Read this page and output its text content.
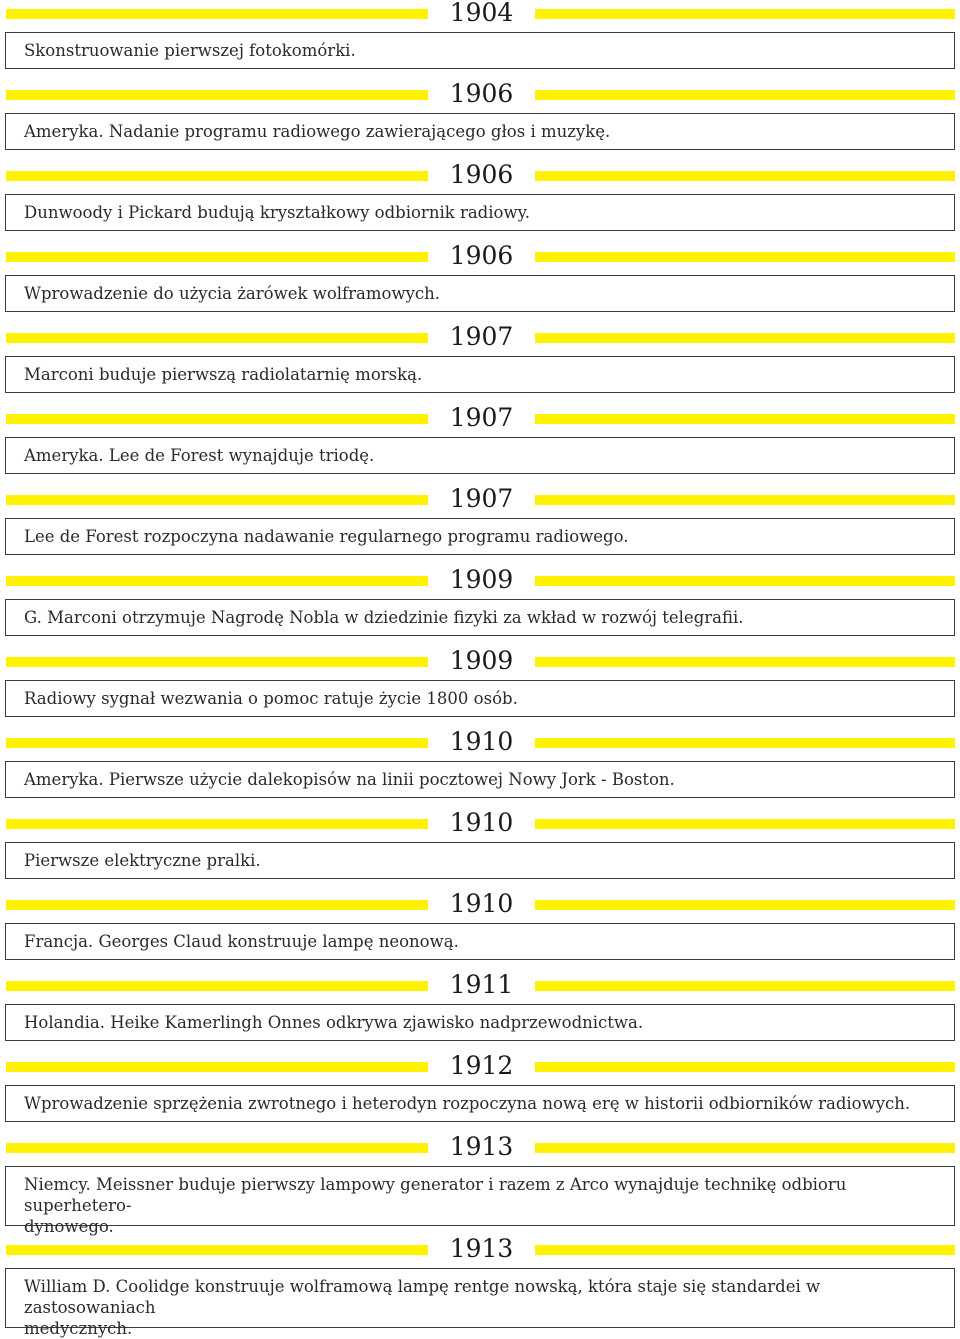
1904
Skonstruowanie pierwszej fotokomórki.
1906
Ameryka. Nadanie programu radiowego zawierającego głos i muzykę.
1906
Dunwoody i Pickard budują kryształkowy odbiornik radiowy.
1906
Wprowadzenie do użycia żarówek wolframowych.
1907
Marconi buduje pierwszą radiolatarnię morską.
1907
Ameryka. Lee de Forest wynajduje triodę.
1907
Lee de Forest rozpoczyna nadawanie regularnego programu radiowego.
1909
G. Marconi otrzymuje Nagrodę Nobla w dziedzinie fizyki za wkład w rozwój telegrafii.
1909
Radiowy sygnał wezwania o pomoc ratuje życie 1800 osób.
1910
Ameryka. Pierwsze użycie dalekopisów na linii pocztowej Nowy Jork - Boston.
1910
Pierwsze elektryczne pralki.
1910
Francja. Georges Claud konstruuje lampę neonową.
1911
Holandia. Heike Kamerlingh Onnes odkrywa zjawisko nadprzewodnictwa.
1912
Wprowadzenie sprzężenia zwrotnego i heterodyn rozpoczyna nową erę w historii odbiorników radiowych.
1913
Niemcy. Meissner buduje pierwszy lampowy generator i razem z Arco wynajduje technikę odbioru superhetero-
dynowego.
1913
William D. Coolidge konstruuje wolframową lampę rentge nowską, która staje się standardei w zastosowaniach
medycznych.
